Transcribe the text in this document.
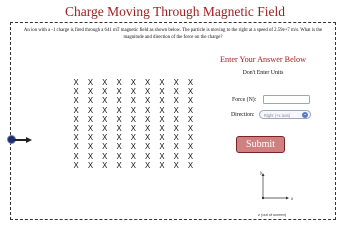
Charge Moving Through Magnetic Field
An ion with a -1 charge is fired through a 641 mT magnetic field as shown below. The particle is moving to the right at a speed of 2.59e+7 m/s. What is the magnitude and direction of the force on the charge?
X	X	X	X	X	X	X	X	X
X	X	X	X	X	X	X	X	X
X	X	X	X	X	X	X	X	X
X	X	X	X	X	X	X	X	X
X	X	X	X	X	X	X	X	X
X	X	X	X	X	X	X	X	X
X	X	X	X	X	X	X	X	X
X	X	X	X	X	X	X	X	X
X	X	X	X	X	X	X	X	X
X	X	X	X	X	X	X	X	X
Enter Your Answer Below
Don't Enter Units
Force (N):
Direction: Right (+x axis)
Submit
y
x
z (out of screen)
